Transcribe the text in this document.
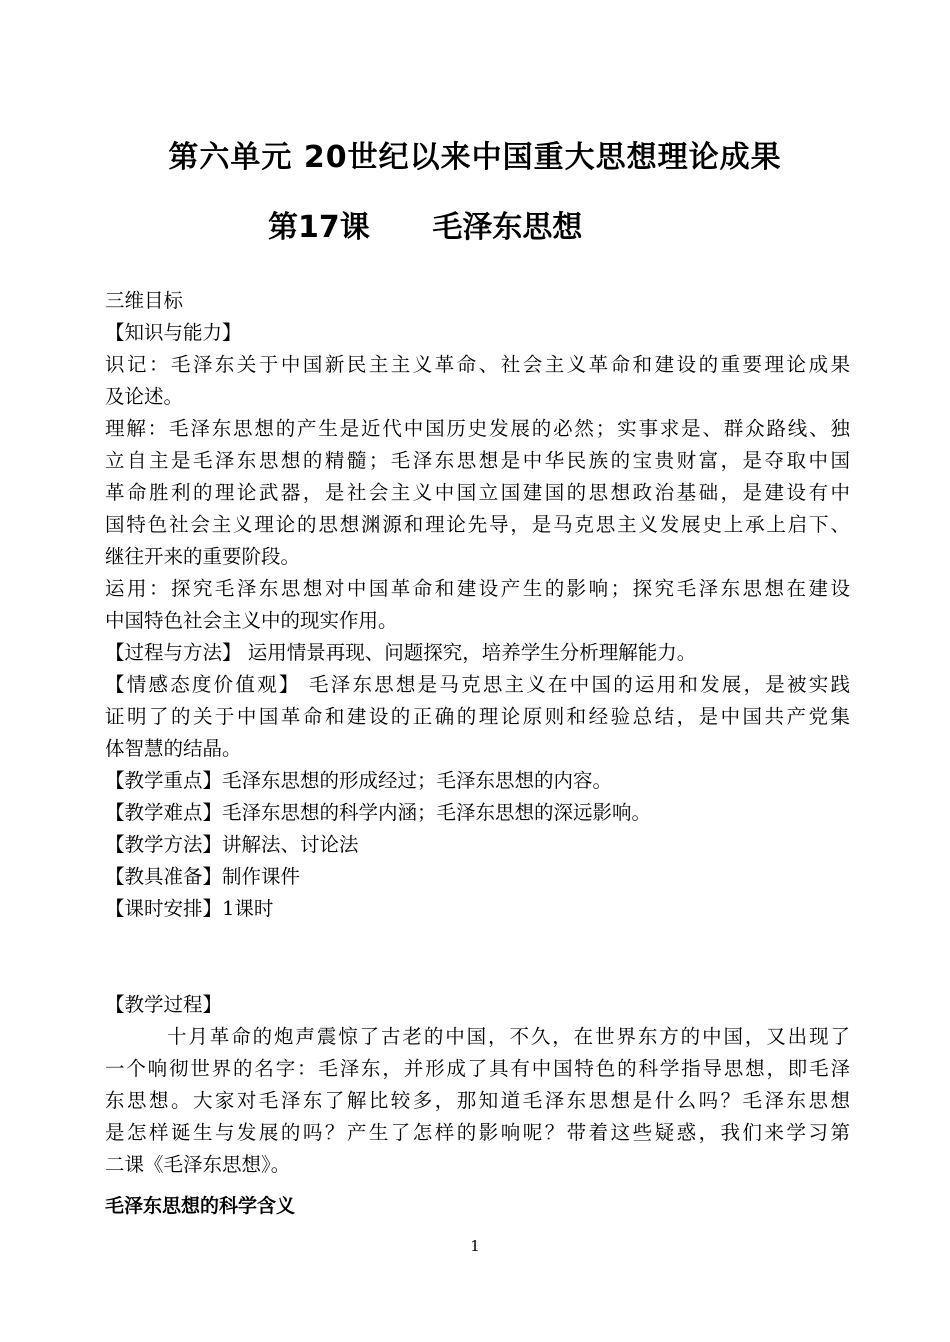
第六单元 20世纪以来中国重大思想理论成果
第17课      毛泽东思想
三维目标
【知识与能力】
识记：毛泽东关于中国新民主主义革命、社会主义革命和建设的重要理论成果
及论述。
理解：毛泽东思想的产生是近代中国历史发展的必然；实事求是、群众路线、独
立自主是毛泽东思想的精髓；毛泽东思想是中华民族的宝贵财富，是夺取中国
革命胜利的理论武器，是社会主义中国立国建国的思想政治基础，是建设有中
国特色社会主义理论的思想渊源和理论先导，是马克思主义发展史上承上启下、
继往开来的重要阶段。
运用：探究毛泽东思想对中国革命和建设产生的影响；探究毛泽东思想在建设
中国特色社会主义中的现实作用。
【过程与方法】 运用情景再现、问题探究，培养学生分析理解能力。
【情感态度价值观】 毛泽东思想是马克思主义在中国的运用和发展，是被实践
证明了的关于中国革命和建设的正确的理论原则和经验总结，是中国共产党集
体智慧的结晶。
【教学重点】毛泽东思想的形成经过；毛泽东思想的内容。
【教学难点】毛泽东思想的科学内涵；毛泽东思想的深远影响。
【教学方法】讲解法、讨论法
【教具准备】制作课件
【课时安排】1课时
【教学过程】
十月革命的炮声震惊了古老的中国，不久，在世界东方的中国，又出现了
一个响彻世界的名字：毛泽东，并形成了具有中国特色的科学指导思想，即毛泽
东思想。大家对毛泽东了解比较多，那知道毛泽东思想是什么吗？毛泽东思想
是怎样诞生与发展的吗？产生了怎样的影响呢？带着这些疑惑，我们来学习第
二课《毛泽东思想》。
毛泽东思想的科学含义
1
